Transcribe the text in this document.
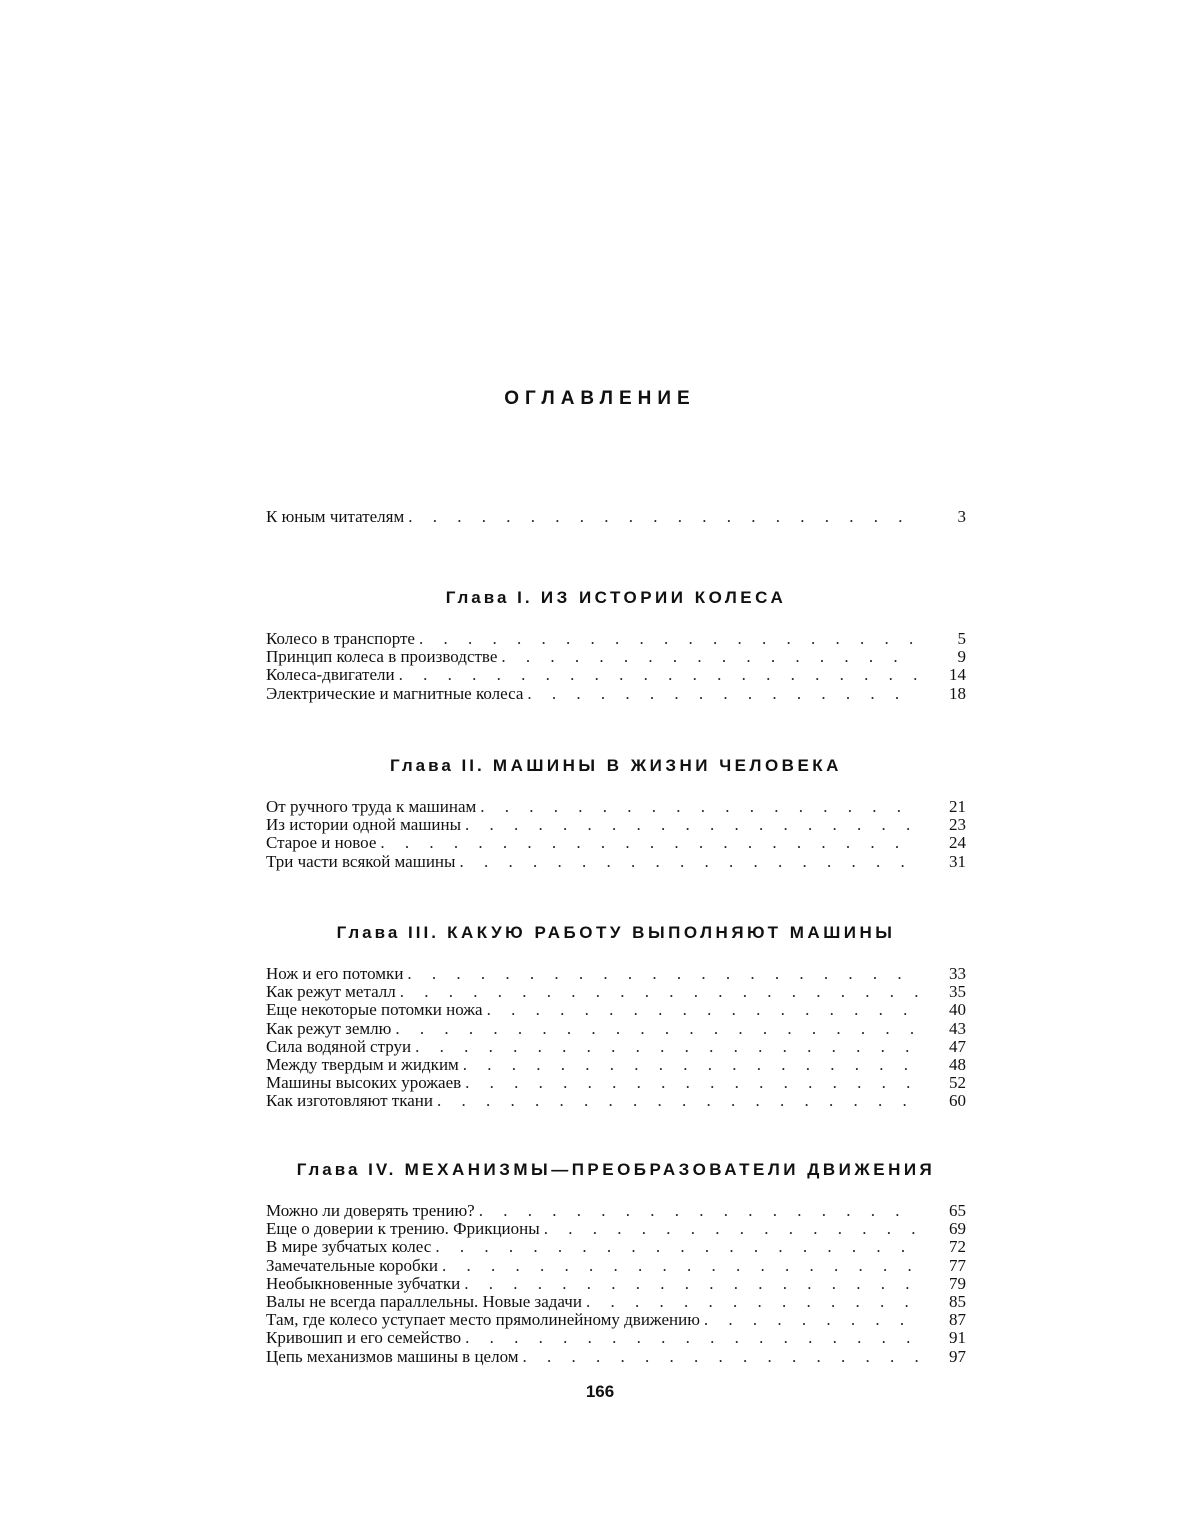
ОГЛАВЛЕНИЕ
К юным читателям . . .	3
Глава I. ИЗ ИСТОРИИ КОЛЕСА
Колесо в транспорте . . .	5
Принцип колеса в производстве . . .	9
Колеса-двигатели . . .	14
Электрические и магнитные колеса . . .	18
Глава II. МАШИНЫ В ЖИЗНИ ЧЕЛОВЕКА
От ручного труда к машинам . . .	21
Из истории одной машины . . .	23
Старое и новое . . .	24
Три части всякой машины . . .	31
Глава III. КАКУЮ РАБОТУ ВЫПОЛНЯЮТ МАШИНЫ
Нож и его потомки . . .	33
Как режут металл . . .	35
Еще некоторые потомки ножа . . .	40
Как режут землю . . .	43
Сила водяной струи . . .	47
Между твердым и жидким . . .	48
Машины высоких урожаев . . .	52
Как изготовляют ткани . . .	60
Глава IV. МЕХАНИЗМЫ—ПРЕОБРАЗОВАТЕЛИ ДВИЖЕНИЯ
Можно ли доверять трению? . . .	65
Еще о доверии к трению. Фрикционы . . .	69
В мире зубчатых колес . . .	72
Замечательные коробки . . .	77
Необыкновенные зубчатки . . .	79
Валы не всегда параллельны. Новые задачи . . .	85
Там, где колесо уступает место прямолинейному движению . . .	87
Кривошип и его семейство . . .	91
Цепь механизмов машины в целом . . .	97
166
